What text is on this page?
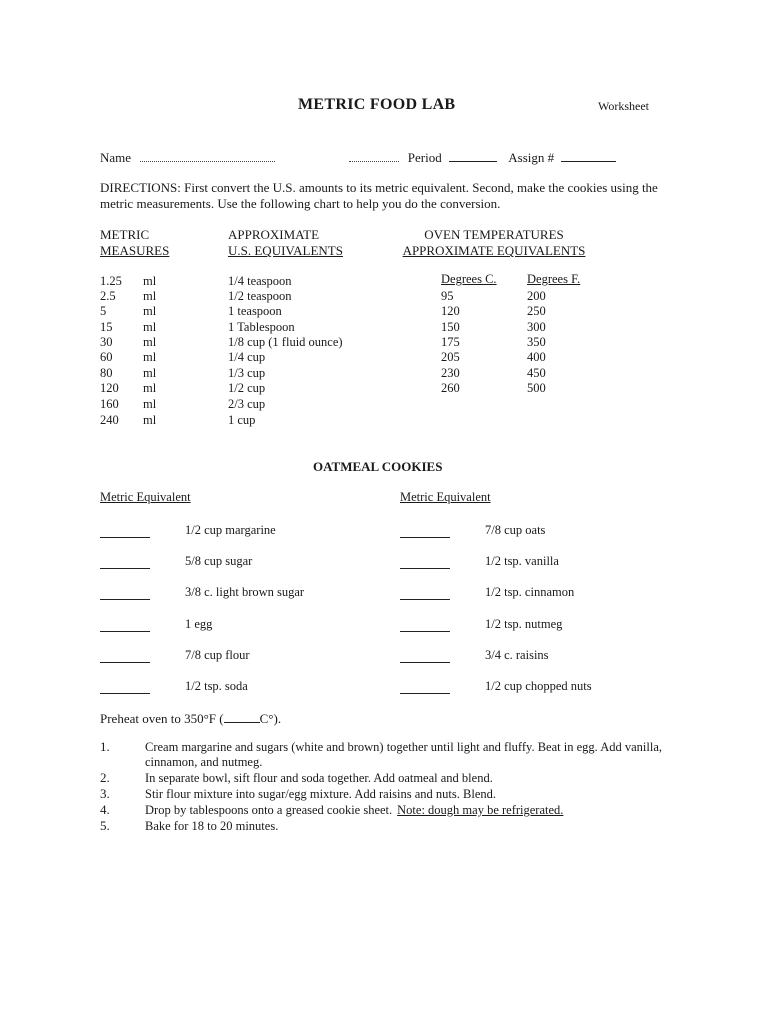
METRIC FOOD LAB	Worksheet
Name	Period	Assign #
DIRECTIONS: First convert the U.S. amounts to its metric equivalent. Second, make the cookies using the metric measurements. Use the following chart to help you do the conversion.
METRIC
MEASURES
APPROXIMATE
U.S. EQUIVALENTS
OVEN TEMPERATURES
APPROXIMATE EQUIVALENTS
Degrees C. Degrees F.
1.25 ml	1/4 teaspoon
2.5 ml	1/2 teaspoon
5	ml	1 teaspoon
15 ml	1 Tablespoon
30 ml	1/8 cup (1 fluid ounce)
60 ml	1/4 cup
80 ml	1/3 cup
120 ml	1/2 cup
160 ml	2/3 cup
240 ml	1 cup
95	200
120	250
150	300
175	350
205	400
230	450
260	500
OATMEAL COOKIES
Metric Equivalent	Metric Equivalent
1/2 cup margarine
5/8 cup sugar
3/8 c. light brown sugar
1 egg
7/8 cup flour
1/2 tsp. soda
7/8 cup oats
1/2 tsp. vanilla
1/2 tsp. cinnamon
1/2 tsp. nutmeg
3/4 c. raisins
1/2 cup chopped nuts
Preheat oven to 350°F (	C°).
1.	Cream margarine and sugars (white and brown) together until light and fluffy. Beat in egg. Add vanilla, cinnamon, and nutmeg.
2.	In separate bowl, sift flour and soda together. Add oatmeal and blend.
3.	Stir flour mixture into sugar/egg mixture. Add raisins and nuts. Blend.
4.	Drop by tablespoons onto a greased cookie sheet. Note: dough may be refrigerated.
5.	Bake for 18 to 20 minutes.
